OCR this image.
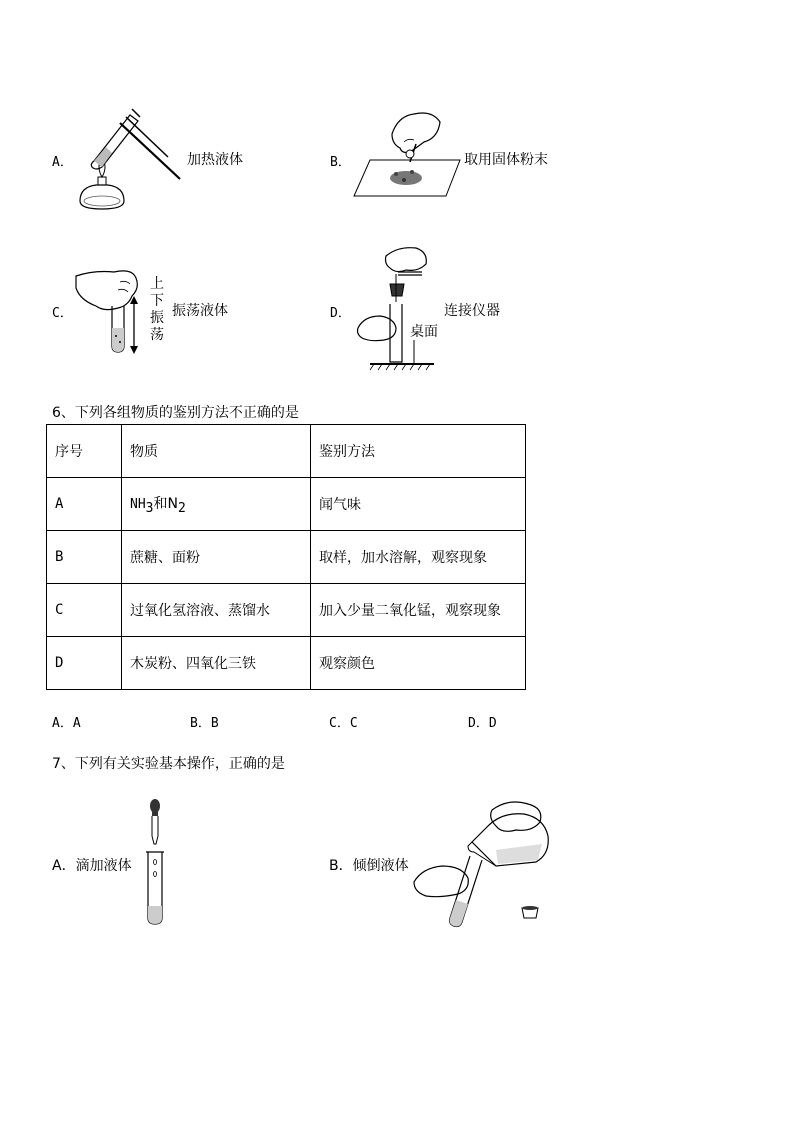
A．	加热液体	B．	取用固体粉末
C．
上
下
振
荡
振荡液体	D．
桌面
连接仪器
6、下列各组物质的鉴别方法不正确的是
序号	物质	鉴别方法
A	$NH_3$和$N_2$	闻气味
B	蔗糖、面粉	取样，加水溶解，观察现象
C	过氧化氢溶液、蒸馏水	加入少量二氧化锰，观察现象
D	木炭粉、四氧化三铁	观察颜色
A．A	B．B	C．C	D．D
7、下列有关实验基本操作，正确的是
A．滴加液体	B．倾倒液体
